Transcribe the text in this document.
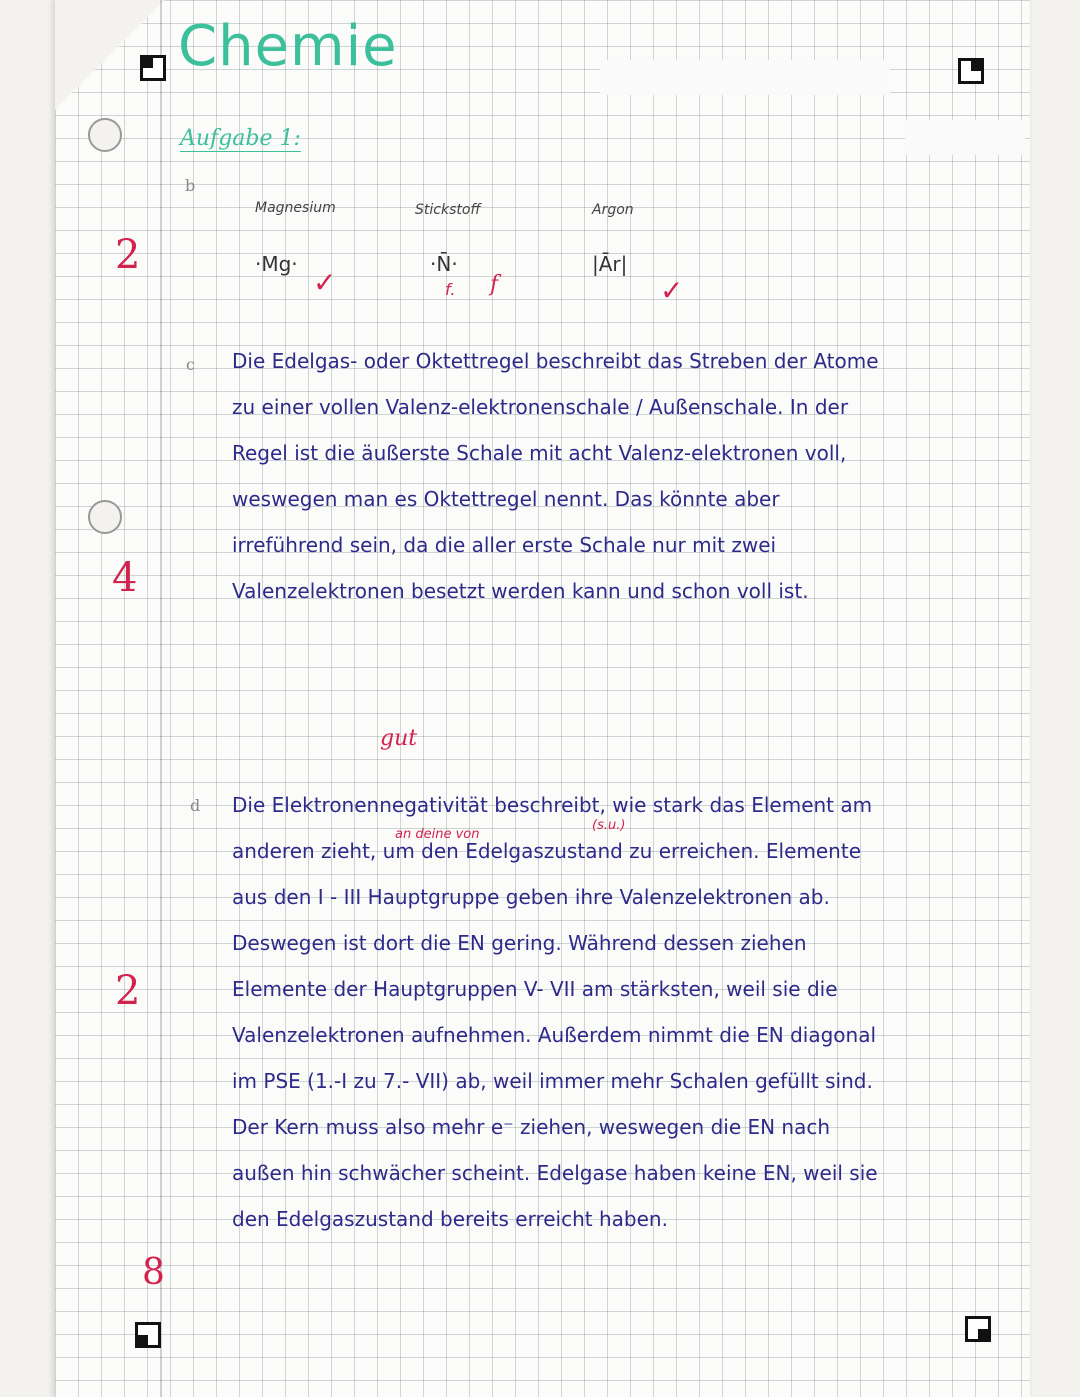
Chemie
Aufgabe 1:
b
Magnesium	Stickstoff	Argon
·Mg·
✓
·N̄·
f. f
|Ār|
✓
2
c Die Edelgas- oder Oktettregel beschreibt das Streben der Atome zu einer vollen Valenz-elektronenschale / Außenschale. In der Regel ist die äußerste Schale mit acht Valenz-elektronen voll, weswegen man es Oktettregel nennt. Das könnte aber irreführend sein, da die aller erste Schale nur mit zwei Valenzelektronen besetzt werden kann und schon voll ist.

gut
4
d
an deine von
(s.u.)

Die Elektronennegativität beschreibt, wie stark das Element am anderen zieht, um den Edelgaszustand zu erreichen. Elemente aus den I - III Hauptgruppe geben ihre Valenzelektronen ab. Deswegen ist dort die EN gering. Während dessen ziehen Elemente der Hauptgruppen V- VII am stärksten, weil sie die Valenzelektronen aufnehmen. Außerdem nimmt die EN diagonal im PSE (1.-I zu 7.- VII) ab, weil immer mehr Schalen gefüllt sind. Der Kern muss also mehr e⁻ ziehen, weswegen die EN nach außen hin schwächer scheint. Edelgase haben keine EN, weil sie den Edelgaszustand bereits erreicht haben.

2
8
